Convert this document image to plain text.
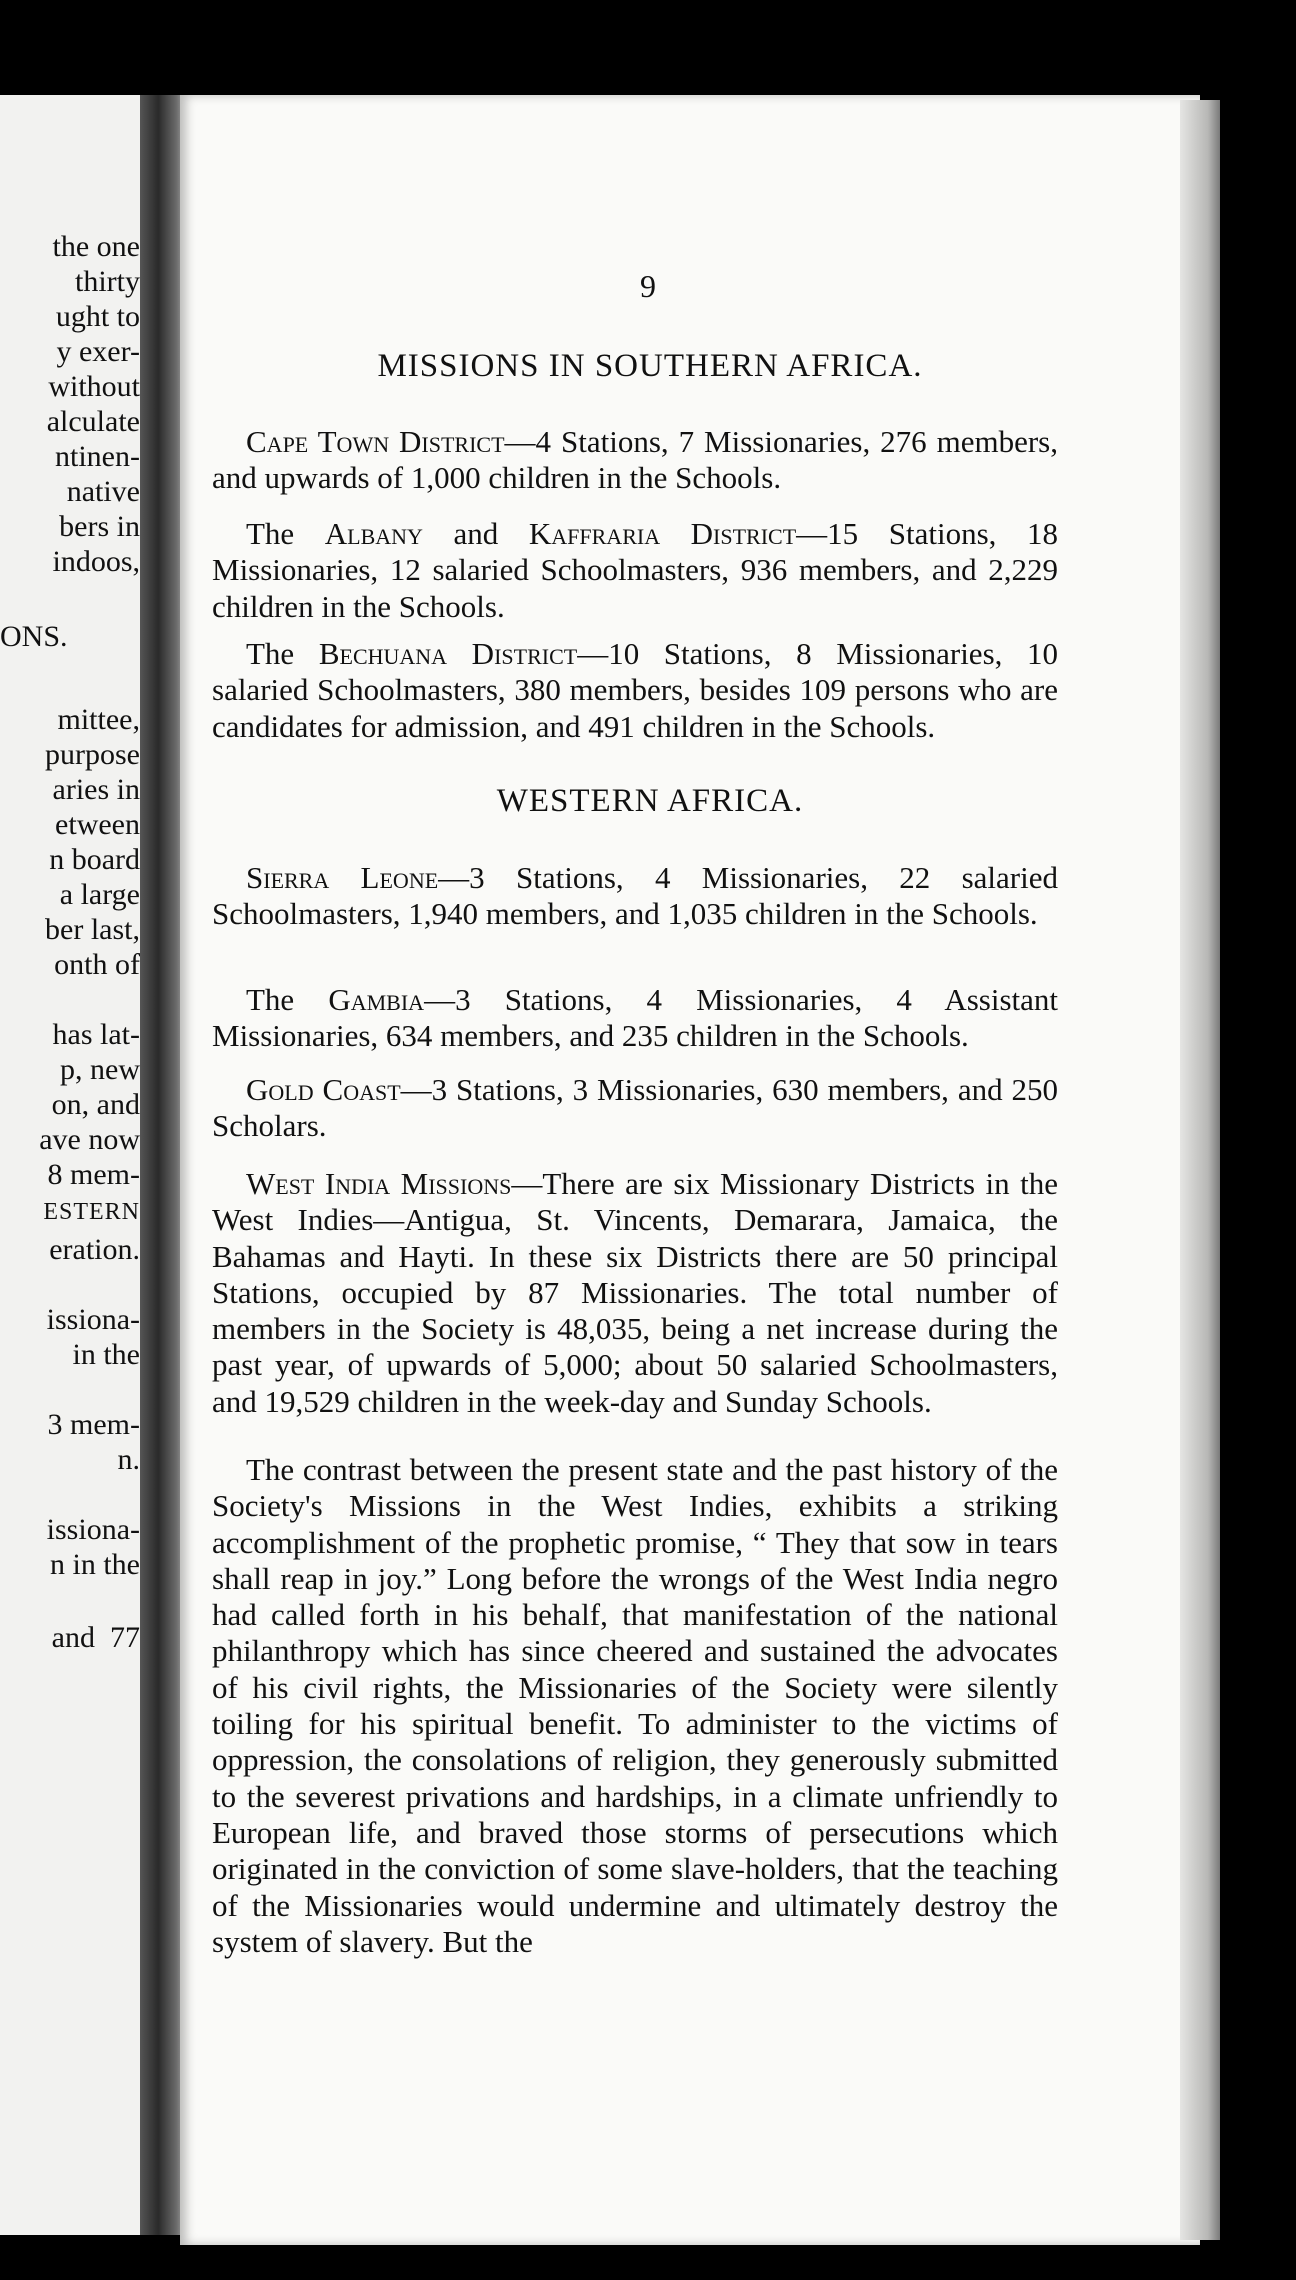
the one
thirty
ught to
y exer-
without
alculate
ntinen-
native
bers in
indoos,
ONS.
mittee,
purpose
aries in
etween
n board
a large
ber last,
onth of
has lat-
p, new
on, and
ave now
8 mem-
ESTERN
eration.
issiona-
in the
3 mem-
n.
issiona-
n in the
and  77
9
MISSIONS IN SOUTHERN AFRICA.
Cape Town District—4 Stations, 7 Missionaries, 276 members, and upwards of 1,000 children in the Schools.
The Albany and Kaffraria District—15 Stations, 18 Missionaries, 12 salaried Schoolmasters, 936 members, and 2,229 children in the Schools.
The Bechuana District—10 Stations, 8 Missionaries, 10 salaried Schoolmasters, 380 members, besides 109 persons who are candidates for admission, and 491 children in the Schools.
WESTERN AFRICA.
Sierra Leone—3 Stations, 4 Missionaries, 22 salaried Schoolmasters, 1,940 members, and 1,035 children in the Schools.
The Gambia—3 Stations, 4 Missionaries, 4 Assistant Missionaries, 634 members, and 235 children in the Schools.
Gold Coast—3 Stations, 3 Missionaries, 630 members, and 250 Scholars.
West India Missions—There are six Missionary Districts in the West Indies—Antigua, St. Vincents, Demarara, Jamaica, the Bahamas and Hayti. In these six Districts there are 50 principal Stations, occupied by 87 Missionaries. The total number of members in the Society is 48,035, being a net increase during the past year, of upwards of 5,000; about 50 salaried Schoolmasters, and 19,529 children in the week-day and Sunday Schools.
The contrast between the present state and the past history of the Society's Missions in the West Indies, exhibits a striking accomplishment of the prophetic promise, “ They that sow in tears shall reap in joy.” Long before the wrongs of the West India negro had called forth in his behalf, that manifestation of the national philanthropy which has since cheered and sustained the advocates of his civil rights, the Missionaries of the Society were silently toiling for his spiritual benefit. To administer to the victims of oppression, the consolations of religion, they generously submitted to the severest privations and hardships, in a climate unfriendly to European life, and braved those storms of persecutions which originated in the conviction of some slave-holders, that the teaching of the Missionaries would undermine and ultimately destroy the system of slavery. But the
